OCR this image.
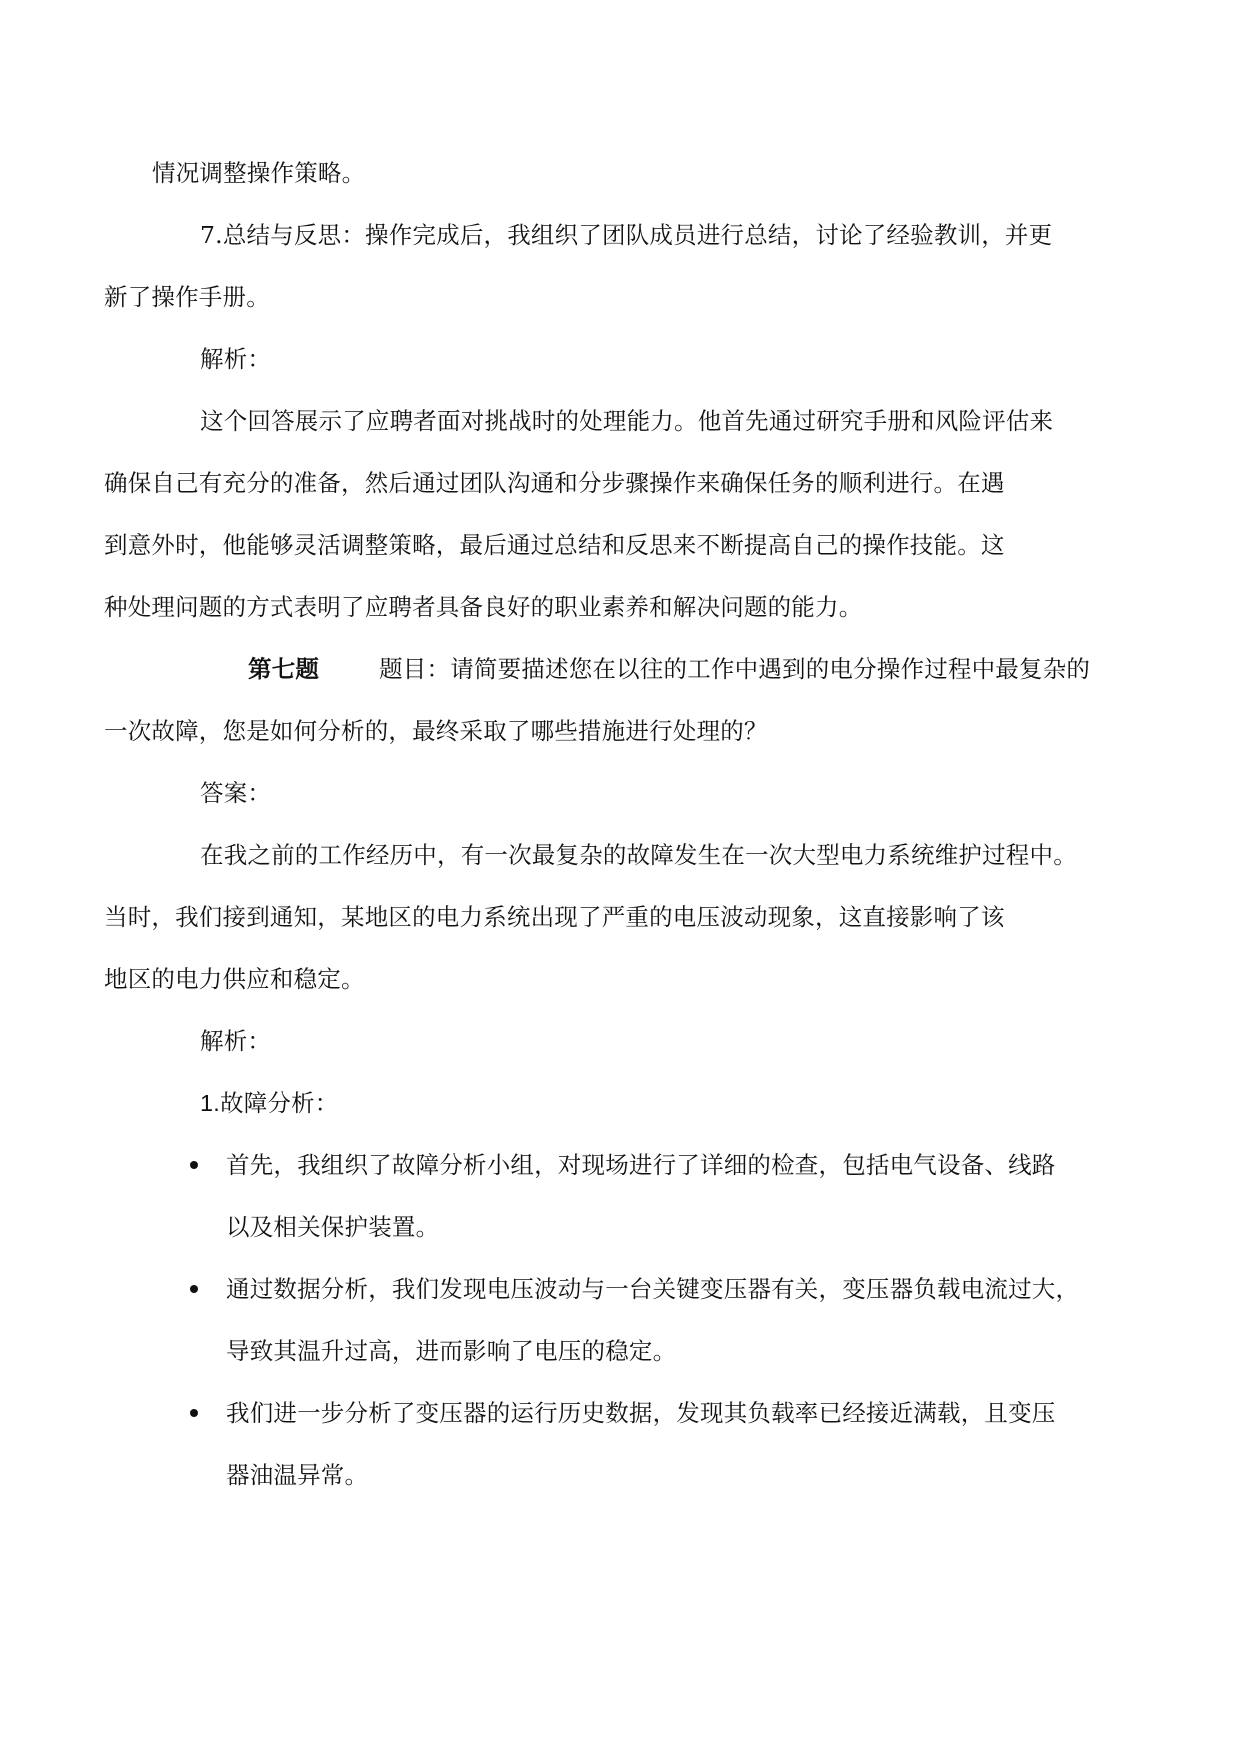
情况调整操作策略。

7.总结与反思：操作完成后，我组织了团队成员进行总结，讨论了经验教训，并更
新了操作手册。

解析：

这个回答展示了应聘者面对挑战时的处理能力。他首先通过研究手册和风险评估来
确保自己有充分的准备，然后通过团队沟通和分步骤操作来确保任务的顺利进行。在遇
到意外时，他能够灵活调整策略，最后通过总结和反思来不断提高自己的操作技能。这
种处理问题的方式表明了应聘者具备良好的职业素养和解决问题的能力。

第七题	题目：请简要描述您在以往的工作中遇到的电分操作过程中最复杂的
一次故障，您是如何分析的，最终采取了哪些措施进行处理的？

答案：

在我之前的工作经历中，有一次最复杂的故障发生在一次大型电力系统维护过程中。
当时，我们接到通知，某地区的电力系统出现了严重的电压波动现象，这直接影响了该
地区的电力供应和稳定。

解析：

1.故障分析：

首先，我组织了故障分析小组，对现场进行了详细的检查，包括电气设备、线路
以及相关保护装置。
通过数据分析，我们发现电压波动与一台关键变压器有关，变压器负载电流过大，
导致其温升过高，进而影响了电压的稳定。
我们进一步分析了变压器的运行历史数据，发现其负载率已经接近满载，且变压
器油温异常。
